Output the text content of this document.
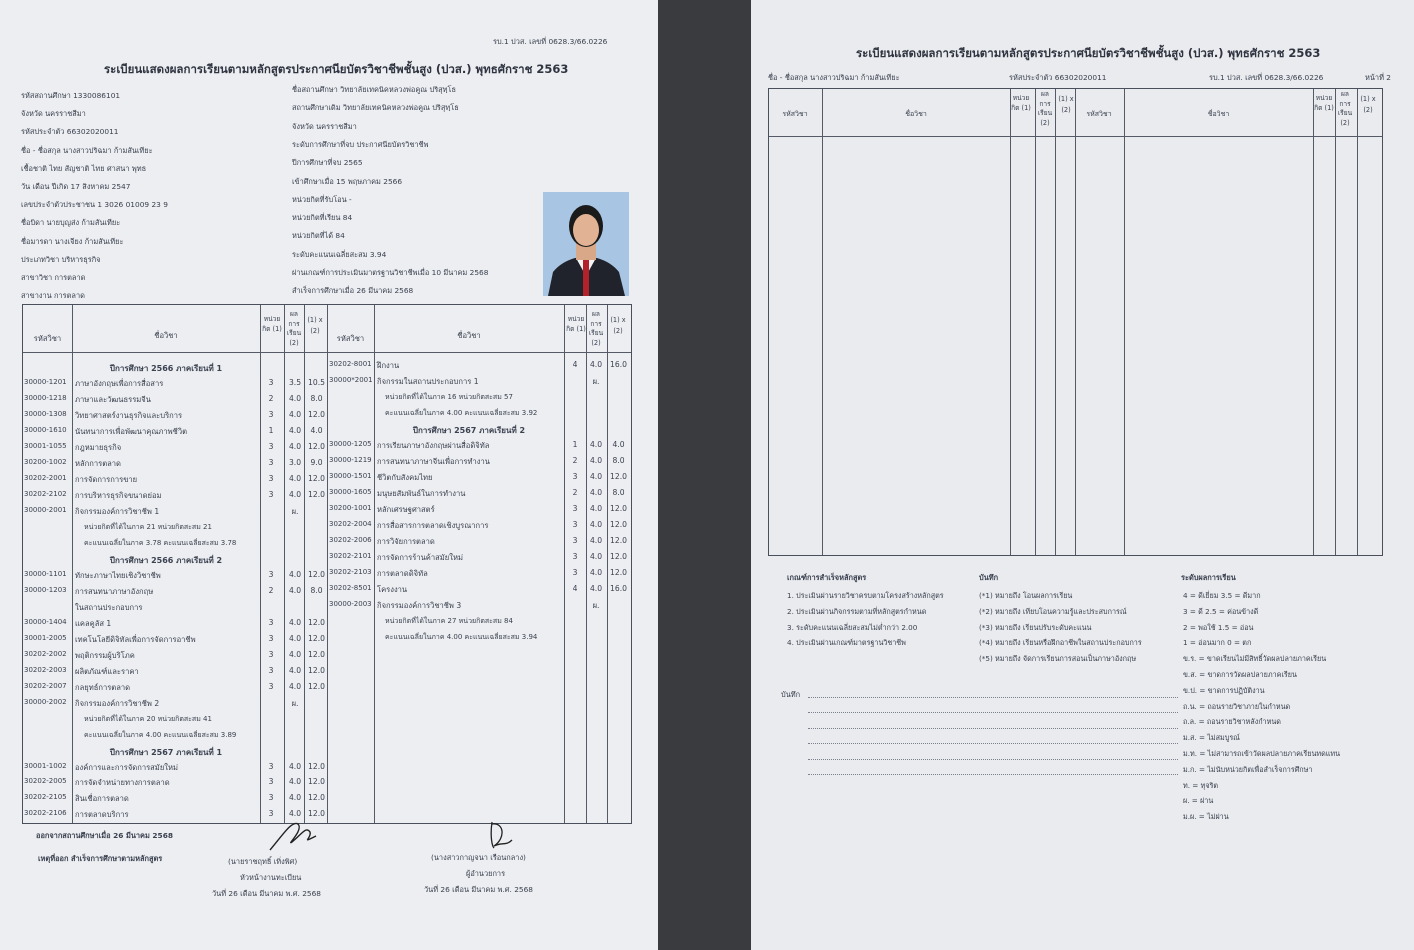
รบ.1 ปวส. เลขที่ 0628.3/66.0226
ระเบียนแสดงผลการเรียนตามหลักสูตรประกาศนียบัตรวิชาชีพชั้นสูง (ปวส.) พุทธศักราช 2563
รหัสสถานศึกษา 1330086101
จังหวัด นครราชสีมา
รหัสประจำตัว 66302020011
ชื่อ - ชื่อสกุล นางสาวปริฉมา ก้ามสันเทียะ
เชื้อชาติ ไทย สัญชาติ ไทย ศาสนา พุทธ
วัน เดือน ปีเกิด 17 สิงหาคม 2547
เลขประจำตัวประชาชน 1 3026 01009 23 9
ชื่อบิดา นายบุญส่ง ก้ามสันเทียะ
ชื่อมารดา นางเจียง ก้ามสันเทียะ
ประเภทวิชา บริหารธุรกิจ
สาขาวิชา การตลาด
สาขางาน การตลาด
ชื่อสถานศึกษา วิทยาลัยเทคนิคหลวงพ่อคูณ ปริสุทฺโธ
สถานศึกษาเดิม วิทยาลัยเทคนิคหลวงพ่อคูณ ปริสุทฺโธ
จังหวัด นครราชสีมา
ระดับการศึกษาที่จบ ประกาศนียบัตรวิชาชีพ
ปีการศึกษาที่จบ 2565
เข้าศึกษาเมื่อ 15 พฤษภาคม 2566
หน่วยกิตที่รับโอน -
หน่วยกิตที่เรียน 84
หน่วยกิตที่ได้ 84
ระดับคะแนนเฉลี่ยสะสม 3.94
ผ่านเกณฑ์การประเมินมาตรฐานวิชาชีพเมื่อ 10 มีนาคม 2568
สำเร็จการศึกษาเมื่อ 26 มีนาคม 2568
รหัสวิชา	ชื่อวิชา
หน่วย กิต (1)
ผล การ เรียน (2)
(1) x (2)
รหัสวิชา	ชื่อวิชา
หน่วย กิต (1)
ผล การ เรียน (2)
(1) x (2)
ปีการศึกษา 2566 ภาคเรียนที่ 1
30000-1201 ภาษาอังกฤษเพื่อการสื่อสาร	3	3.5 10.5
30000-1218 ภาษาและวัฒนธรรมจีน	2	4.0	8.0
30000-1308 วิทยาศาสตร์งานธุรกิจและบริการ	3	4.0 12.0
30000-1610 นันทนาการเพื่อพัฒนาคุณภาพชีวิต	1	4.0	4.0
30001-1055 กฎหมายธุรกิจ	3	4.0 12.0
30200-1002 หลักการตลาด	3	3.0	9.0
30202-2001 การจัดการการขาย	3	4.0 12.0
30202-2102 การบริหารธุรกิจขนาดย่อม	3	4.0 12.0
30000-2001 กิจกรรมองค์การวิชาชีพ 1	ผ.
หน่วยกิตที่ได้ในภาค 21 หน่วยกิตสะสม 21
คะแนนเฉลี่ยในภาค 3.78 คะแนนเฉลี่ยสะสม 3.78
ปีการศึกษา 2566 ภาคเรียนที่ 2
30000-1101 ทักษะภาษาไทยเชิงวิชาชีพ	3	4.0 12.0
30000-1203 การสนทนาภาษาอังกฤษ	2	4.0	8.0
ในสถานประกอบการ
30000-1404 แคลคูลัส 1	3	4.0 12.0
30001-2005 เทคโนโลยีดิจิทัลเพื่อการจัดการอาชีพ	3	4.0 12.0
30202-2002 พฤติกรรมผู้บริโภค	3	4.0 12.0
30202-2003 ผลิตภัณฑ์และราคา	3	4.0 12.0
30202-2007 กลยุทธ์การตลาด	3	4.0 12.0
30000-2002 กิจกรรมองค์การวิชาชีพ 2	ผ.
หน่วยกิตที่ได้ในภาค 20 หน่วยกิตสะสม 41
คะแนนเฉลี่ยในภาค 4.00 คะแนนเฉลี่ยสะสม 3.89
ปีการศึกษา 2567 ภาคเรียนที่ 1
30001-1002 องค์การและการจัดการสมัยใหม่	3	4.0 12.0
30202-2005 การจัดจำหน่ายทางการตลาด	3	4.0 12.0
30202-2105 สินเชื่อการตลาด	3	4.0 12.0
30202-2106 การตลาดบริการ	3	4.0 12.0
30202-8001 ฝึกงาน	4	4.0	16.0
30000*2001 กิจกรรมในสถานประกอบการ 1	ผ.
หน่วยกิตที่ได้ในภาค 16 หน่วยกิตสะสม 57
คะแนนเฉลี่ยในภาค 4.00 คะแนนเฉลี่ยสะสม 3.92
ปีการศึกษา 2567 ภาคเรียนที่ 2
30000-1205 การเรียนภาษาอังกฤษผ่านสื่อดิจิทัล	1	4.0	4.0
30000-1219 การสนทนาภาษาจีนเพื่อการทำงาน	2	4.0	8.0
30000-1501 ชีวิตกับสังคมไทย	3	4.0	12.0
30000-1605 มนุษยสัมพันธ์ในการทำงาน	2	4.0	8.0
30200-1001 หลักเศรษฐศาสตร์	3	4.0	12.0
30202-2004 การสื่อสารการตลาดเชิงบูรณาการ	3	4.0	12.0
30202-2006 การวิจัยการตลาด	3	4.0	12.0
30202-2101 การจัดการร้านค้าสมัยใหม่	3	4.0	12.0
30202-2103 การตลาดดิจิทัล	3	4.0	12.0
30202-8501 โครงงาน	4	4.0	16.0
30000-2003 กิจกรรมองค์การวิชาชีพ 3	ผ.
หน่วยกิตที่ได้ในภาค 27 หน่วยกิตสะสม 84
คะแนนเฉลี่ยในภาค 4.00 คะแนนเฉลี่ยสะสม 3.94
ออกจากสถานศึกษาเมื่อ 26 มีนาคม 2568
เหตุที่ออก สำเร็จการศึกษาตามหลักสูตร	(นายราชฤทธิ์ เทิ่งพิศ)
หัวหน้างานทะเบียน
วันที่ 26 เดือน มีนาคม พ.ศ. 2568
(นางสาวกาญจนา เรือนกลาง)
ผู้อำนวยการ
วันที่ 26 เดือน มีนาคม พ.ศ. 2568
ระเบียนแสดงผลการเรียนตามหลักสูตรประกาศนียบัตรวิชาชีพชั้นสูง (ปวส.) พุทธศักราช 2563
ชื่อ - ชื่อสกุล นางสาวปริฉมา ก้ามสันเทียะ	รหัสประจำตัว 66302020011	รบ.1 ปวส. เลขที่ 0628.3/66.0226	หน้าที่ 2
รหัสวิชา	ชื่อวิชา
หน่วย กิต (1)
ผล การ เรียน (2)
(1) x (2)
รหัสวิชา	ชื่อวิชา
หน่วย กิต (1)
ผล การ เรียน (2)
(1) x (2)
เกณฑ์การสำเร็จหลักสูตร
1. ประเมินผ่านรายวิชาครบตามโครงสร้างหลักสูตร
2. ประเมินผ่านกิจกรรมตามที่หลักสูตรกำหนด
3. ระดับคะแนนเฉลี่ยสะสมไม่ต่ำกว่า 2.00
4. ประเมินผ่านเกณฑ์มาตรฐานวิชาชีพ
บันทึก
(*1) หมายถึง โอนผลการเรียน
(*2) หมายถึง เทียบโอนความรู้และประสบการณ์
(*3) หมายถึง เรียนปรับระดับคะแนน
(*4) หมายถึง เรียนหรือฝึกอาชีพในสถานประกอบการ
(*5) หมายถึง จัดการเรียนการสอนเป็นภาษาอังกฤษ
ระดับผลการเรียน
4 = ดีเยี่ยม 3.5 = ดีมาก
3 = ดี 2.5 = ค่อนข้างดี
2 = พอใช้ 1.5 = อ่อน
1 = อ่อนมาก 0 = ตก
ข.ร. = ขาดเรียนไม่มีสิทธิ์วัดผลปลายภาคเรียน
ข.ส. = ขาดการวัดผลปลายภาคเรียน
ข.ป. = ขาดการปฏิบัติงาน
ถ.น. = ถอนรายวิชาภายในกำหนด
ถ.ล. = ถอนรายวิชาหลังกำหนด
ม.ส. = ไม่สมบูรณ์
ม.ท. = ไม่สามารถเข้าวัดผลปลายภาคเรียนทดแทน
ม.ก. = ไม่นับหน่วยกิตเพื่อสำเร็จการศึกษา
ท. = ทุจริต
ผ. = ผ่าน
ม.ผ. = ไม่ผ่าน
บันทึก
